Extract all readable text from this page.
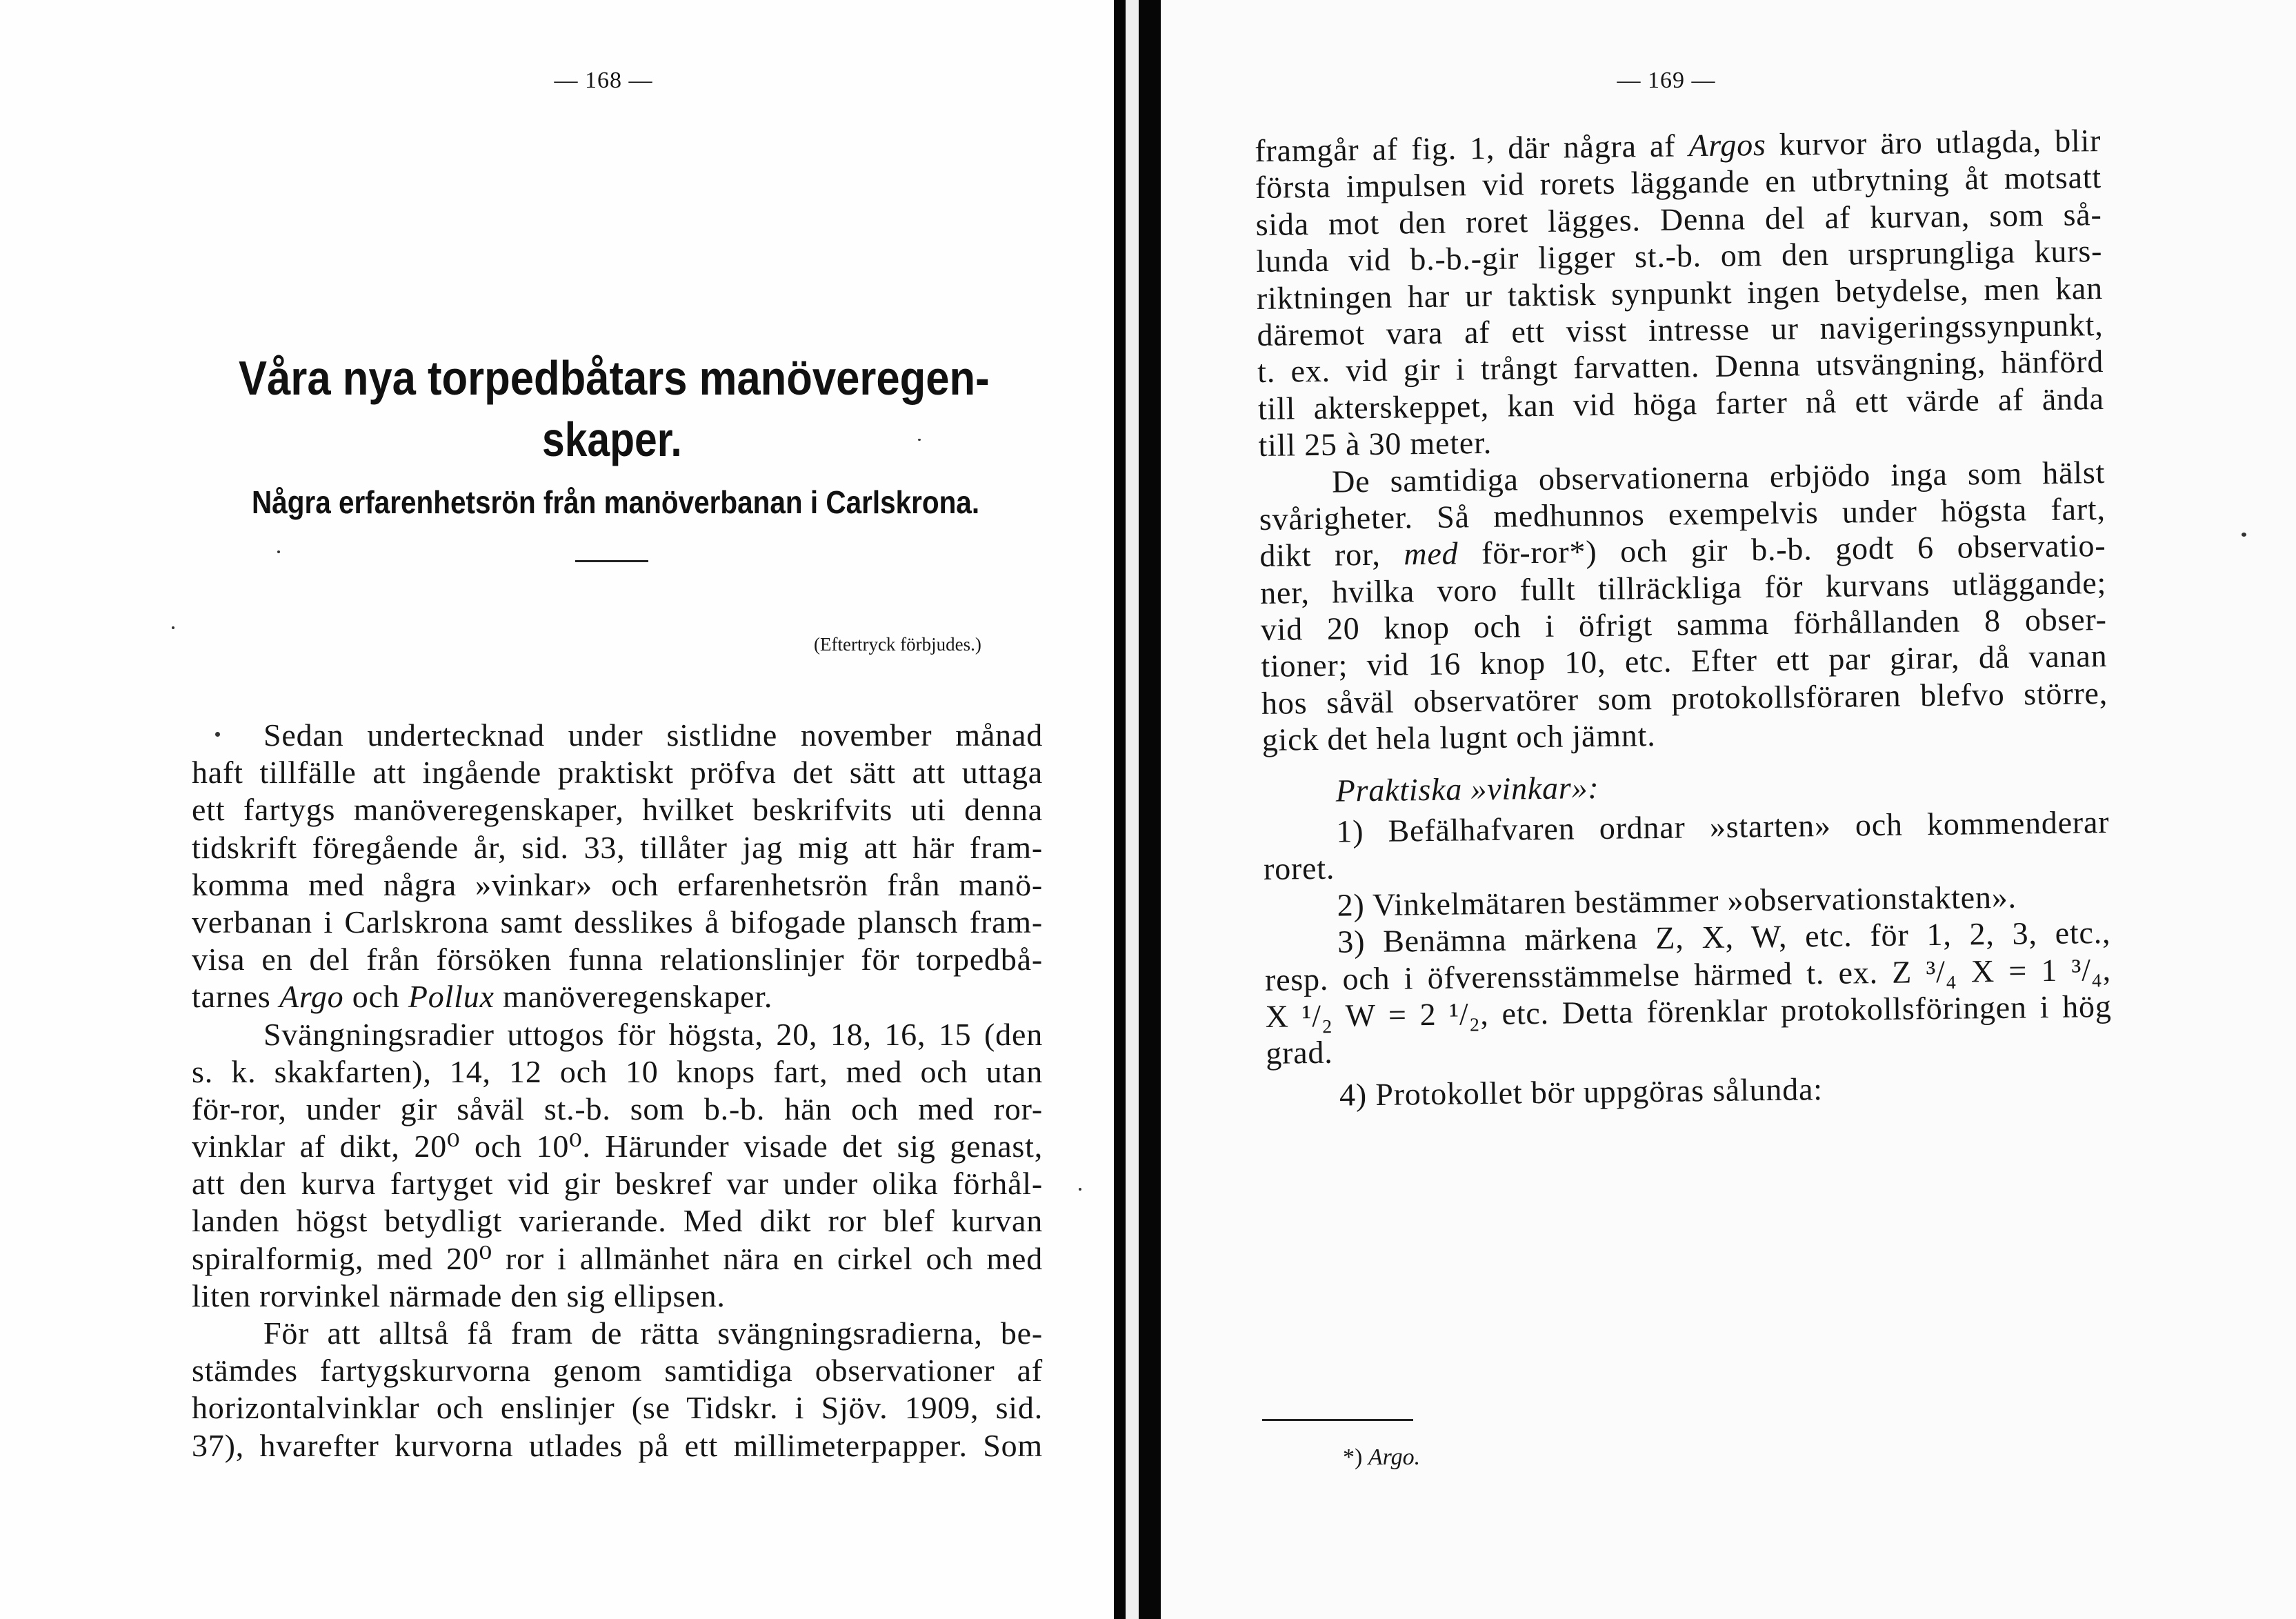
— 168 —
Våra nya torpedbåtars manöveregen-
skaper.
Några erfarenhetsrön från manöverbanan i Carlskrona.
(Eftertryck förbjudes.)
Sedan undertecknad under sistlidne november månad
haft tillfälle att ingående praktiskt pröfva det sätt att uttaga
ett fartygs manöveregenskaper, hvilket beskrifvits uti denna
tidskrift föregående år, sid. 33, tillåter jag mig att här fram-
komma med några »vinkar» och erfarenhetsrön från manö-
verbanan i Carlskrona samt desslikes å bifogade plansch fram-
visa en del från försöken funna relationslinjer för torpedbå-
tarnes Argo och Pollux manöveregenskaper.
Svängningsradier uttogos för högsta, 20, 18, 16, 15 (den
s. k. skakfarten), 14, 12 och 10 knops fart, med och utan
för-ror, under gir såväl st.-b. som b.-b. hän och med ror-
vinklar af dikt, 20⁰ och 10⁰. Härunder visade det sig genast,
att den kurva fartyget vid gir beskref var under olika förhål-
landen högst betydligt varierande. Med dikt ror blef kurvan
spiralformig, med 20⁰ ror i allmänhet nära en cirkel och med
liten rorvinkel närmade den sig ellipsen.
För att alltså få fram de rätta svängningsradierna, be-
stämdes fartygskurvorna genom samtidiga observationer af
horizontalvinklar och enslinjer (se Tidskr. i Sjöv. 1909, sid.
37), hvarefter kurvorna utlades på ett millimeterpapper. Som
— 169 —
framgår af fig. 1, där några af Argos kurvor äro utlagda, blir
första impulsen vid rorets läggande en utbrytning åt motsatt
sida mot den roret lägges. Denna del af kurvan, som så-
lunda vid b.-b.-gir ligger st.-b. om den ursprungliga kurs-
riktningen har ur taktisk synpunkt ingen betydelse, men kan
däremot vara af ett visst intresse ur navigeringssynpunkt,
t. ex. vid gir i trångt farvatten. Denna utsvängning, hänförd
till akterskeppet, kan vid höga farter nå ett värde af ända
till 25 à 30 meter.
De samtidiga observationerna erbjödo inga som hälst
svårigheter. Så medhunnos exempelvis under högsta fart,
dikt ror, med för-ror*) och gir b.-b. godt 6 observatio-
ner, hvilka voro fullt tillräckliga för kurvans utläggande;
vid 20 knop och i öfrigt samma förhållanden 8 obser-
tioner; vid 16 knop 10, etc. Efter ett par girar, då vanan
hos såväl observatörer som protokollsföraren blefvo större,
gick det hela lugnt och jämnt.
Praktiska »vinkar»:
1) Befälhafvaren ordnar »starten» och kommenderar
roret.
2) Vinkelmätaren bestämmer »observationstakten».
3) Benämna märkena Z, X, W, etc. för 1, 2, 3, etc.,
resp. och i öfverensstämmelse härmed t. ex. Z ³/₄ X = 1 ³/₄,
X ¹/₂ W = 2 ¹/₂, etc. Detta förenklar protokollsföringen i hög
grad.
4) Protokollet bör uppgöras sålunda:
*) Argo.
